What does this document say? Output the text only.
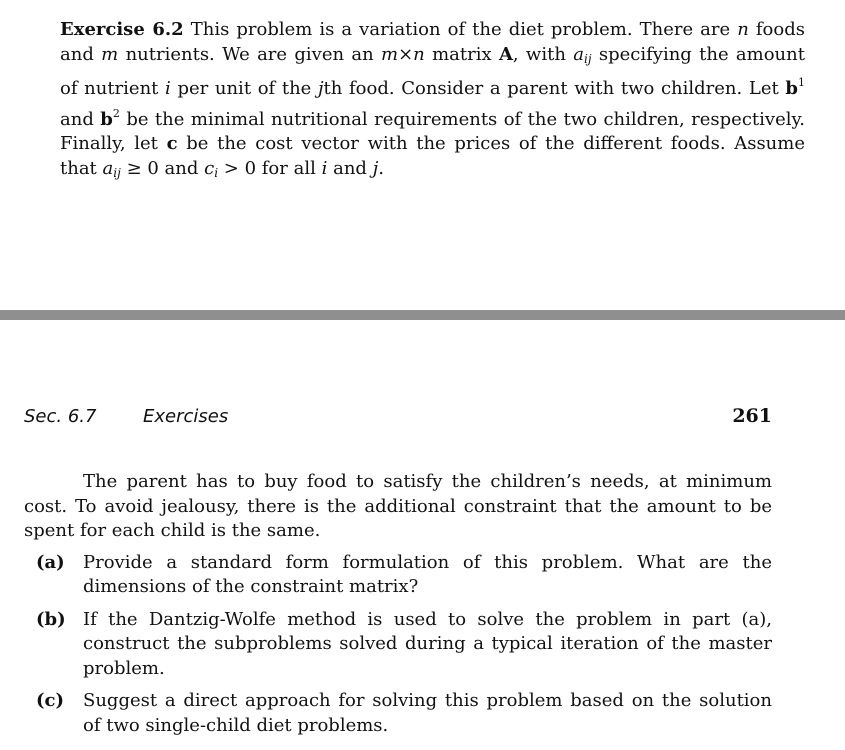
Exercise 6.2 This problem is a variation of the diet problem. There are n foods and m nutrients. We are given an m×n matrix A, with $a_{ij}$ specifying the amount of nutrient i per unit of the jth food. Consider a parent with two children. Let $b^1$ and $b^2$ be the minimal nutritional requirements of the two children, respectively. Finally, let c be the cost vector with the prices of the different foods. Assume that $a_{ij} \ge 0$ and $c_i > 0$ for all i and j.
Sec. 6.7	Exercises	261

The parent has to buy food to satisfy the children’s needs, at minimum cost. To avoid jealousy, there is the additional constraint that the amount to be spent for each child is the same.

(a) Provide a standard form formulation of this problem. What are the dimensions of the constraint matrix?
(b) If the Dantzig-Wolfe method is used to solve the problem in part (a), construct the subproblems solved during a typical iteration of the master problem.
(c) Suggest a direct approach for solving this problem based on the solution of two single-child diet problems.
